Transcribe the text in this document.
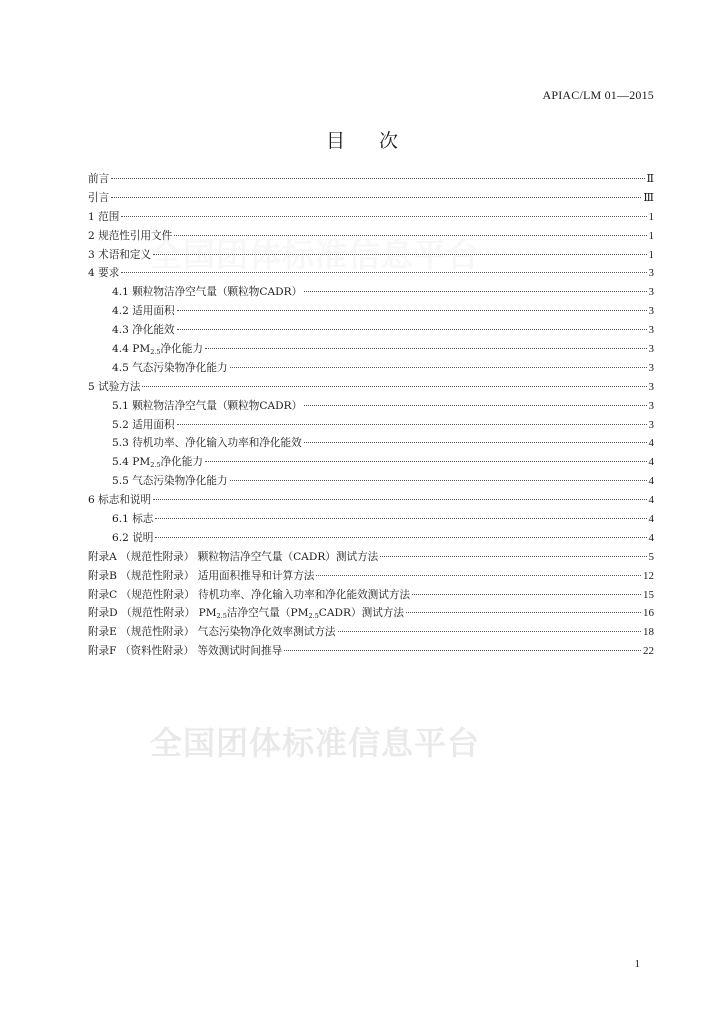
APIAC/LM 01—2015
目次
前言	Ⅱ
引言	Ⅲ
1 范围	1
2 规范性引用文件	1
3 术语和定义	1
4 要求	3
4.1 颗粒物洁净空气量（颗粒物CADR）	3
4.2 适用面积	3
4.3 净化能效	3
4.4 $PM_{2.5}$净化能力	3
4.5 气态污染物净化能力	3
5 试验方法	3
5.1 颗粒物洁净空气量（颗粒物CADR）	3
5.2 适用面积	3
5.3 待机功率、净化输入功率和净化能效	4
5.4 $PM_{2.5}$净化能力	4
5.5 气态污染物净化能力	4
6 标志和说明	4
6.1 标志	4
6.2 说明	4
附录A （规范性附录） 颗粒物洁净空气量（CADR）测试方法	5
附录B （规范性附录） 适用面积推导和计算方法	12
附录C （规范性附录） 待机功率、净化输入功率和净化能效测试方法	15
附录D （规范性附录） $PM_{2.5}$洁净空气量$(PM_{2.5}CADR)$测试方法	16
附录E （规范性附录） 气态污染物净化效率测试方法	18
附录F （资料性附录） 等效测试时间推导	22
全国团体标准信息平台
全国团体标准信息平台
1
